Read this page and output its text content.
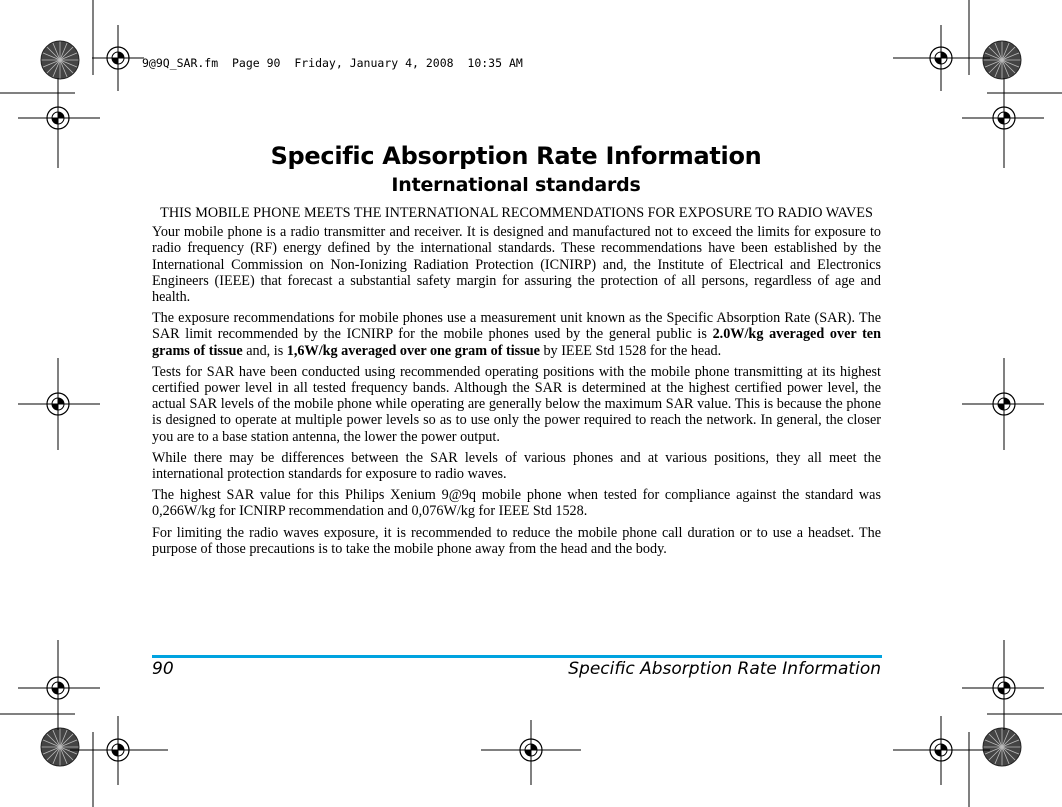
9@9Q_SAR.fm  Page 90  Friday, January 4, 2008  10:35 AM
Specific Absorption Rate Information
International standards

THIS MOBILE PHONE MEETS THE INTERNATIONAL RECOMMENDATIONS FOR EXPOSURE TO RADIO WAVES

Your mobile phone is a radio transmitter and receiver. It is designed and manufactured not to exceed the limits for exposure to radio frequency (RF) energy defined by the international standards. These recommendations have been established by the International Commission on Non-Ionizing Radiation Protection (ICNIRP) and, the Institute of Electrical and Electronics Engineers (IEEE) that forecast a substantial safety margin for assuring the protection of all persons, regardless of age and health.

The exposure recommendations for mobile phones use a measurement unit known as the Specific Absorption Rate (SAR). The SAR limit recommended by the ICNIRP for the mobile phones used by the general public is 2.0W/kg averaged over ten grams of tissue and, is 1,6W/kg averaged over one gram of tissue by IEEE Std 1528 for the head.

Tests for SAR have been conducted using recommended operating positions with the mobile phone transmitting at its highest certified power level in all tested frequency bands. Although the SAR is determined at the highest certified power level, the actual SAR levels of the mobile phone while operating are generally below the maximum SAR value. This is because the phone is designed to operate at multiple power levels so as to use only the power required to reach the network. In general, the closer you are to a base station antenna, the lower the power output.

While there may be differences between the SAR levels of various phones and at various positions, they all meet the international protection standards for exposure to radio waves.

The highest SAR value for this Philips Xenium 9@9q mobile phone when tested for compliance against the standard was 0,266W/kg for ICNIRP recommendation and 0,076W/kg for IEEE Std 1528.

For limiting the radio waves exposure, it is recommended to reduce the mobile phone call duration or to use a headset. The purpose of those precautions is to take the mobile phone away from the head and the body.

90	Specific Absorption Rate Information
